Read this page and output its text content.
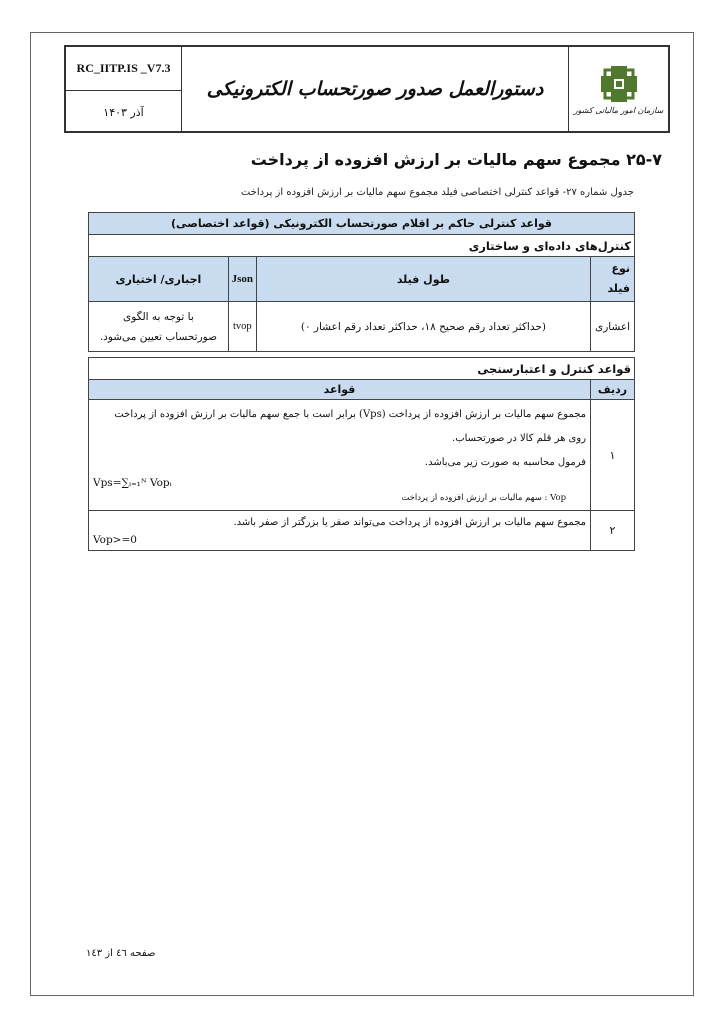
RC_IITP.IS _V7.3
آذر ۱۴۰۳
دستورالعمل صدور صورتحساب الکترونیکی
سازمان امور مالیاتی کشور
۲۵-۷ مجموع سهم مالیات بر ارزش افزوده از پرداخت
جدول شماره ۲۷- قواعد کنترلی اختصاصی فیلد مجموع سهم مالیات بر ارزش افزوده از پرداخت
قواعد کنترلی حاکم بر اقلام صورتحساب الکترونیکی (قواعد اختصاصی)			
کنترل‌های داده‌ای و ساختاری			
نوع فیلد	طول فیلد	Json	اجباری/ اختیاری
اعشاری	(حداکثر تعداد رقم صحیح ۱۸، حداکثر تعداد رقم اعشار ۰)	tvop	با توجه به الگوی
صورتحساب تعیین می‌شود.
قواعد کنترل و اعتبارسنجی	
ردیف	قواعد
۱	مجموع سهم مالیات بر ارزش افزوده از پرداخت (Vps) برابر است با جمع سهم مالیات بر ارزش افزوده از پرداخت
روی هر قلم کالا در صورتحساب.
فرمول محاسبه به صورت زیر می‌باشد.
Vps=∑ᵢ₌₁ᴺ Vopᵢ
Vop : سهم مالیات بر ارزش افزوده از پرداخت

۲	مجموع سهم مالیات بر ارزش افزوده از پرداخت می‌تواند صفر یا بزرگتر از صفر باشد.
Vop>=0
صفحه ٤٦ از ١٤٣
